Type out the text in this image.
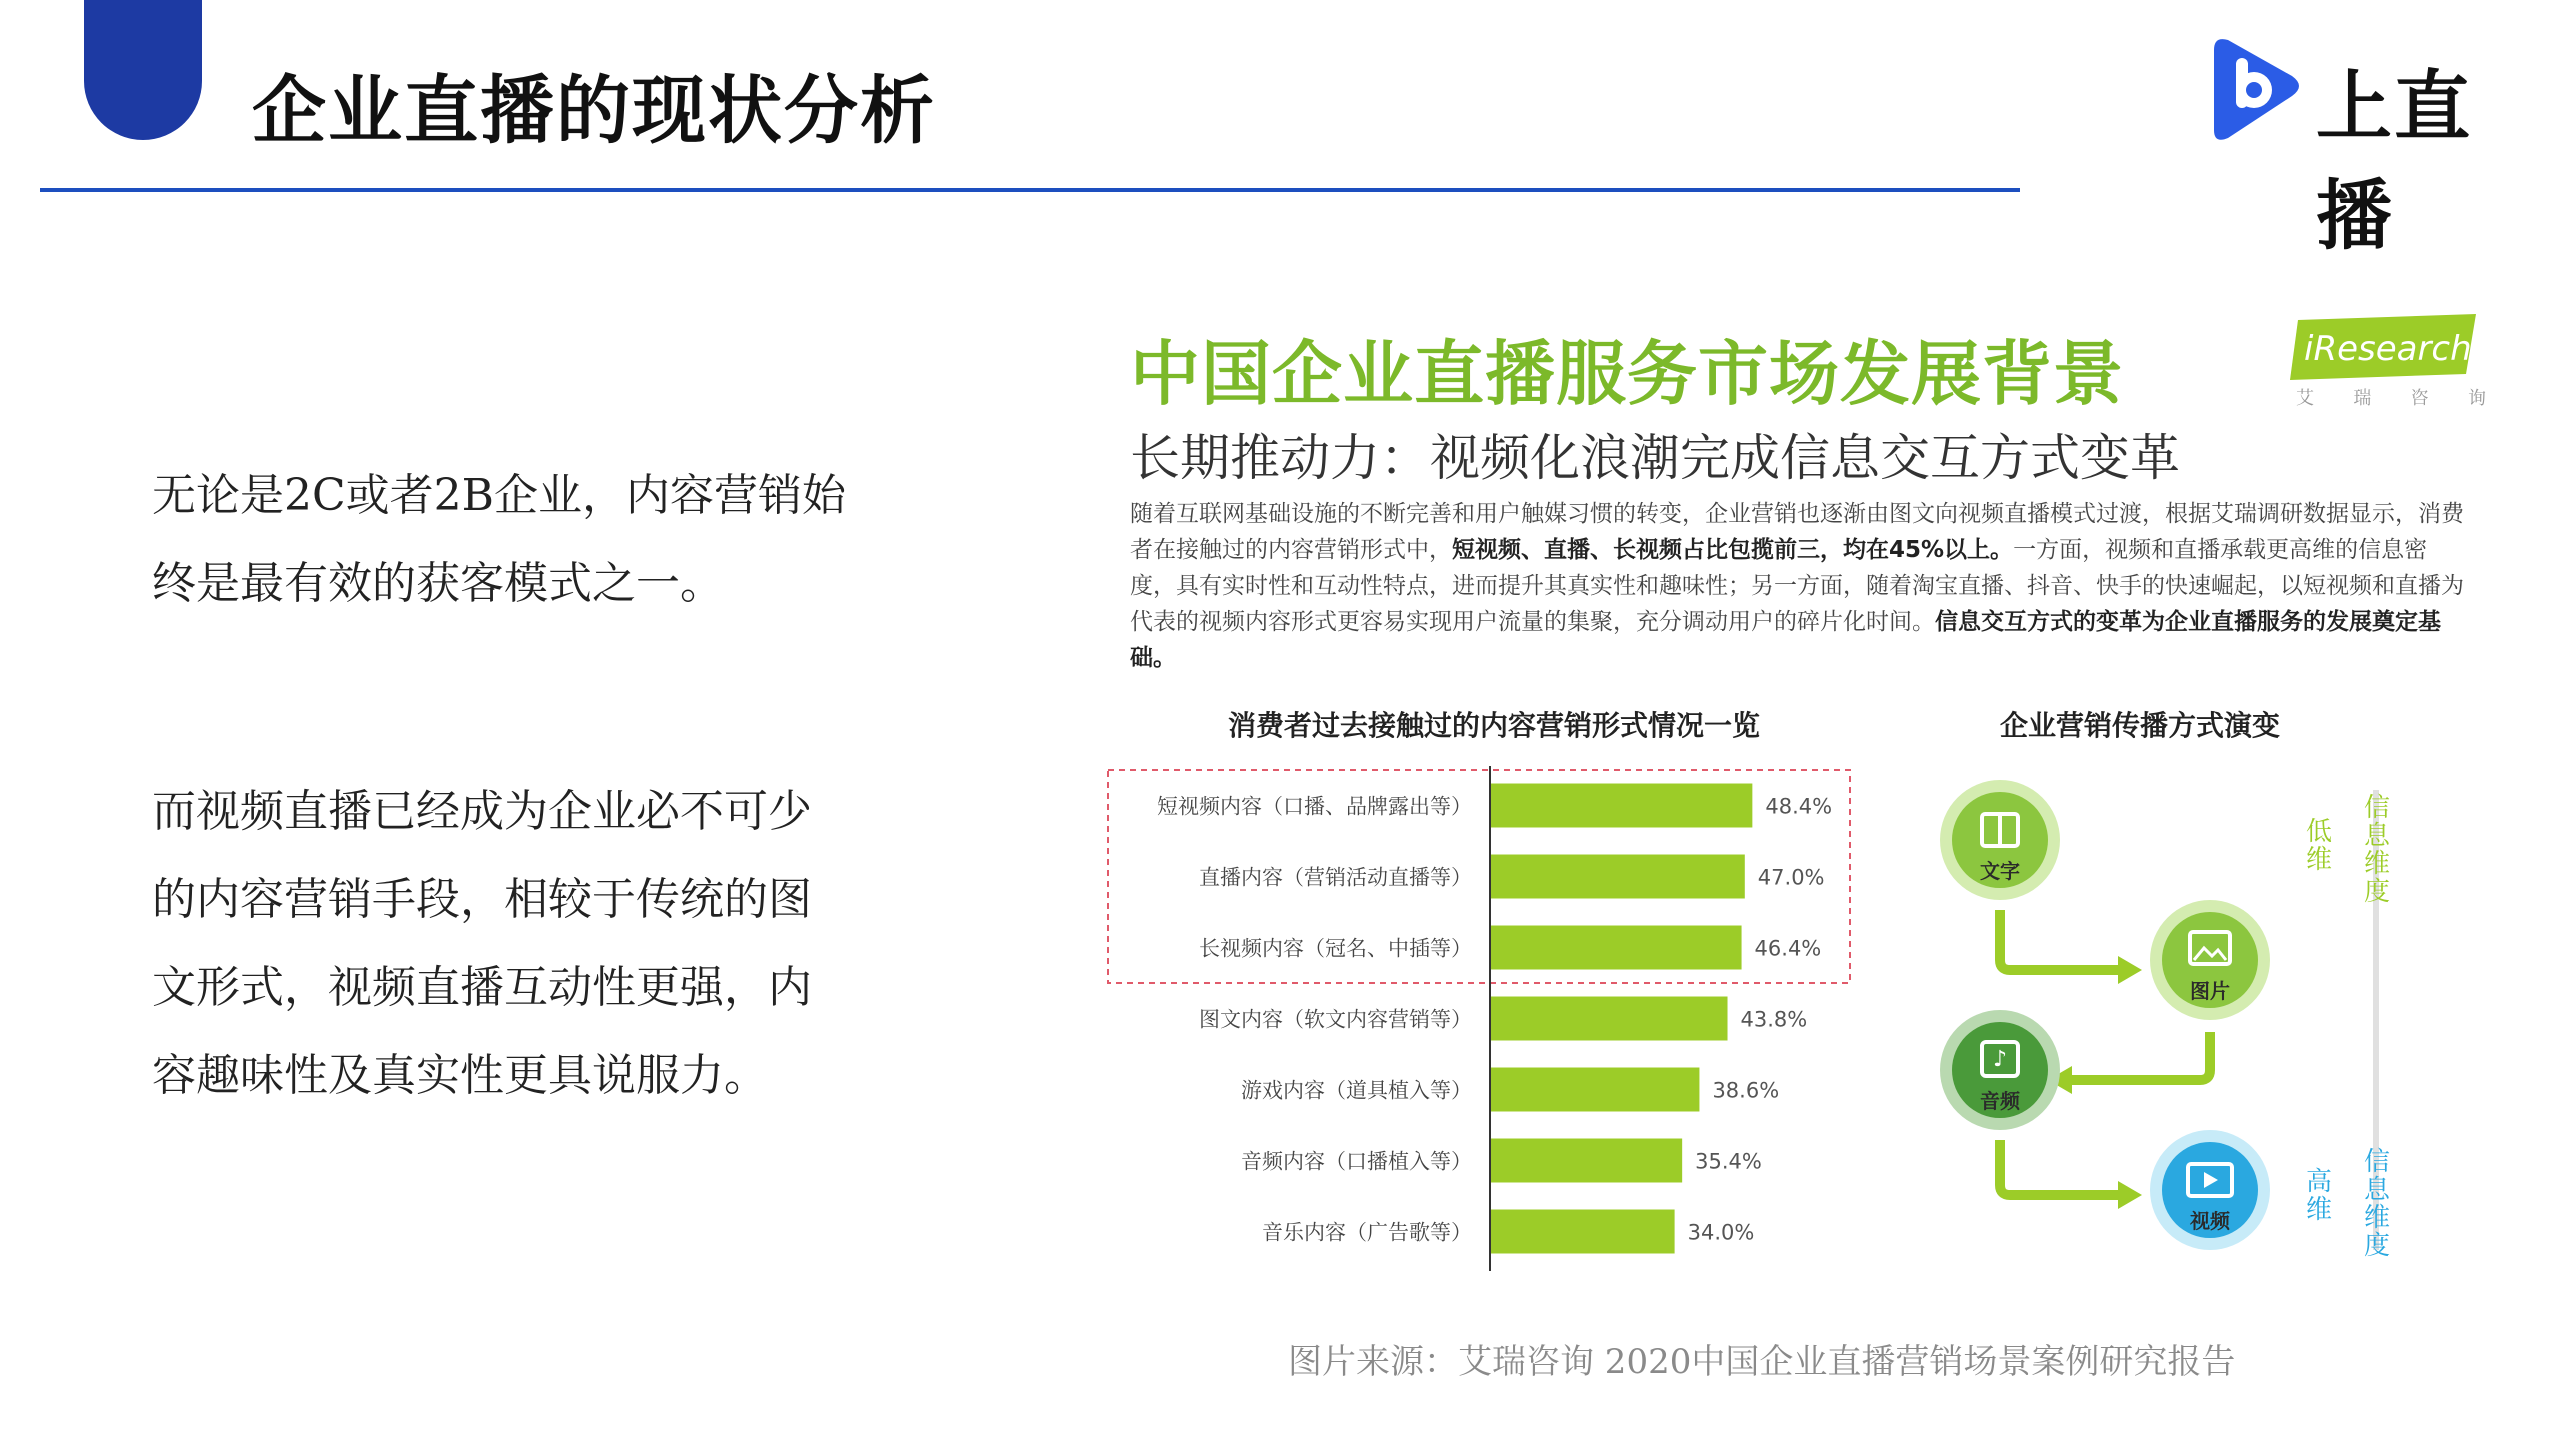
企业直播的现状分析	上直播
无论是2C或者2B企业，内容营销始
终是最有效的获客模式之一。
而视频直播已经成为企业必不可少
的内容营销手段，相较于传统的图
文形式，视频直播互动性更强，内
容趣味性及真实性更具说服力。
中国企业直播服务市场发展背景
长期推动力：视频化浪潮完成信息交互方式变革
iResearch
艾 瑞 咨 询
随着互联网基础设施的不断完善和用户触媒习惯的转变，企业营销也逐渐由图文向视频直播模式过渡，根据艾瑞调研数据显示，消费者在接触过的内容营销形式中，短视频、直播、长视频占比包揽前三，均在45%以上。一方面，视频和直播承载更高维的信息密度，具有实时性和互动性特点，进而提升其真实性和趣味性；另一方面，随着淘宝直播、抖音、快手的快速崛起，以短视频和直播为代表的视频内容形式更容易实现用户流量的集聚，充分调动用户的碎片化时间。信息交互方式的变革为企业直播服务的发展奠定基础。
消费者过去接触过的内容营销形式情况一览	企业营销传播方式演变
短视频内容（口播、品牌露出等）	48.4%
直播内容（营销活动直播等）	47.0%
长视频内容（冠名、中插等）	46.4%
图文内容（软文内容营销等）	43.8%
游戏内容（道具植入等）	38.6%
音频内容（口播植入等）	35.4%
音乐内容（广告歌等）	34.0%
文字
图片
♪
音频
视频
低维
信息维度
高维
信息维度
图片来源：艾瑞咨询 2020中国企业直播营销场景案例研究报告
